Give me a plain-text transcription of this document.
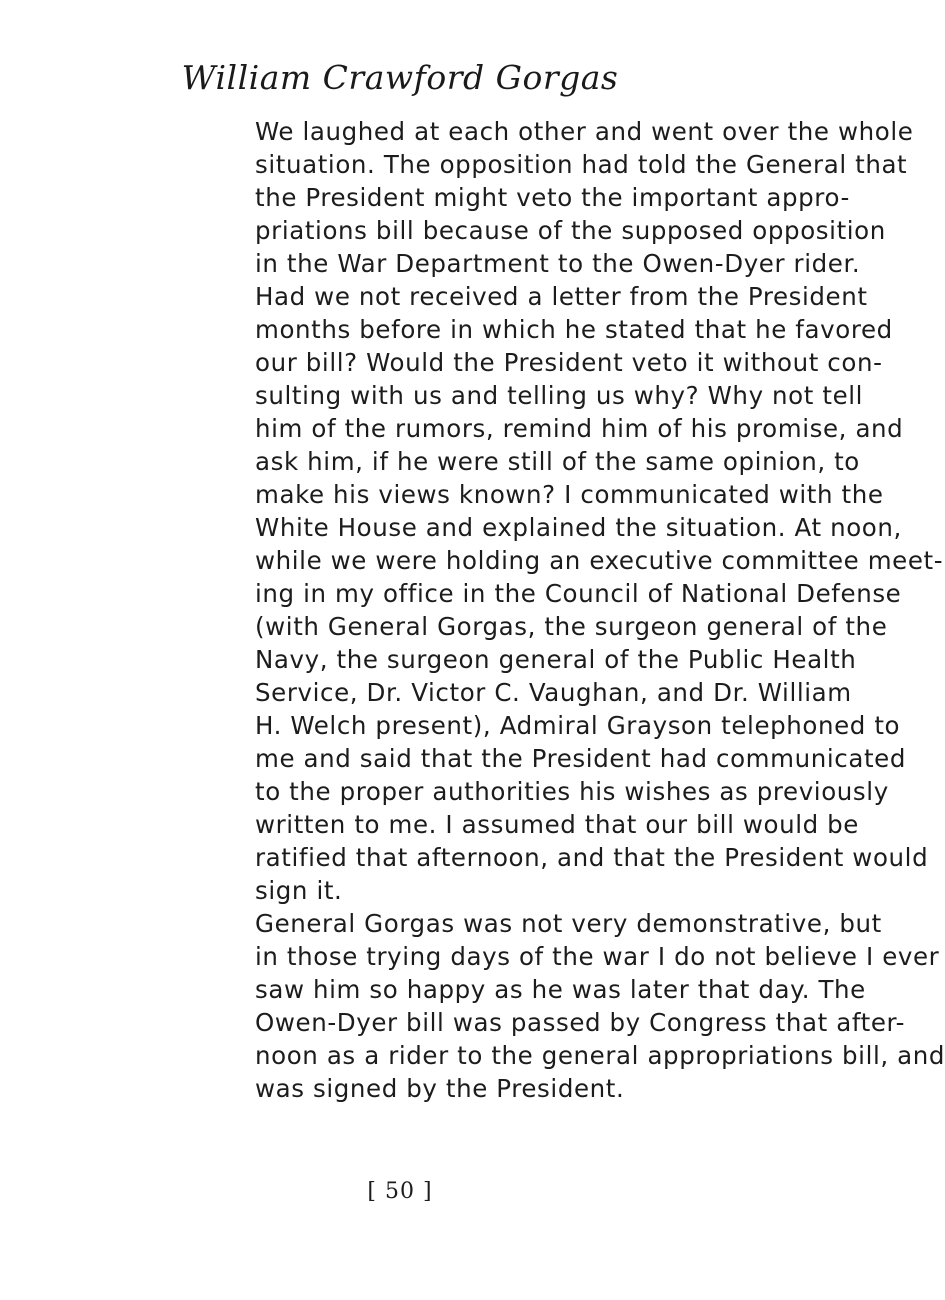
William Crawford Gorgas
We laughed at each other and went over the whole
situation. The opposition had told the General that
the President might veto the important appro-
priations bill because of the supposed opposition
in the War Department to the Owen-Dyer rider.
Had we not received a letter from the President
months before in which he stated that he favored
our bill? Would the President veto it without con-
sulting with us and telling us why? Why not tell
him of the rumors, remind him of his promise, and
ask him, if he were still of the same opinion, to
make his views known? I communicated with the
White House and explained the situation. At noon,
while we were holding an executive committee meet-
ing in my office in the Council of National Defense
(with General Gorgas, the surgeon general of the
Navy, the surgeon general of the Public Health
Service, Dr. Victor C. Vaughan, and Dr. William
H. Welch present), Admiral Grayson telephoned to
me and said that the President had communicated
to the proper authorities his wishes as previously
written to me. I assumed that our bill would be
ratified that afternoon, and that the President would
sign it.
General Gorgas was not very demonstrative, but
in those trying days of the war I do not believe I ever
saw him so happy as he was later that day. The
Owen-Dyer bill was passed by Congress that after-
noon as a rider to the general appropriations bill, and
was signed by the President.
[ 50 ]
